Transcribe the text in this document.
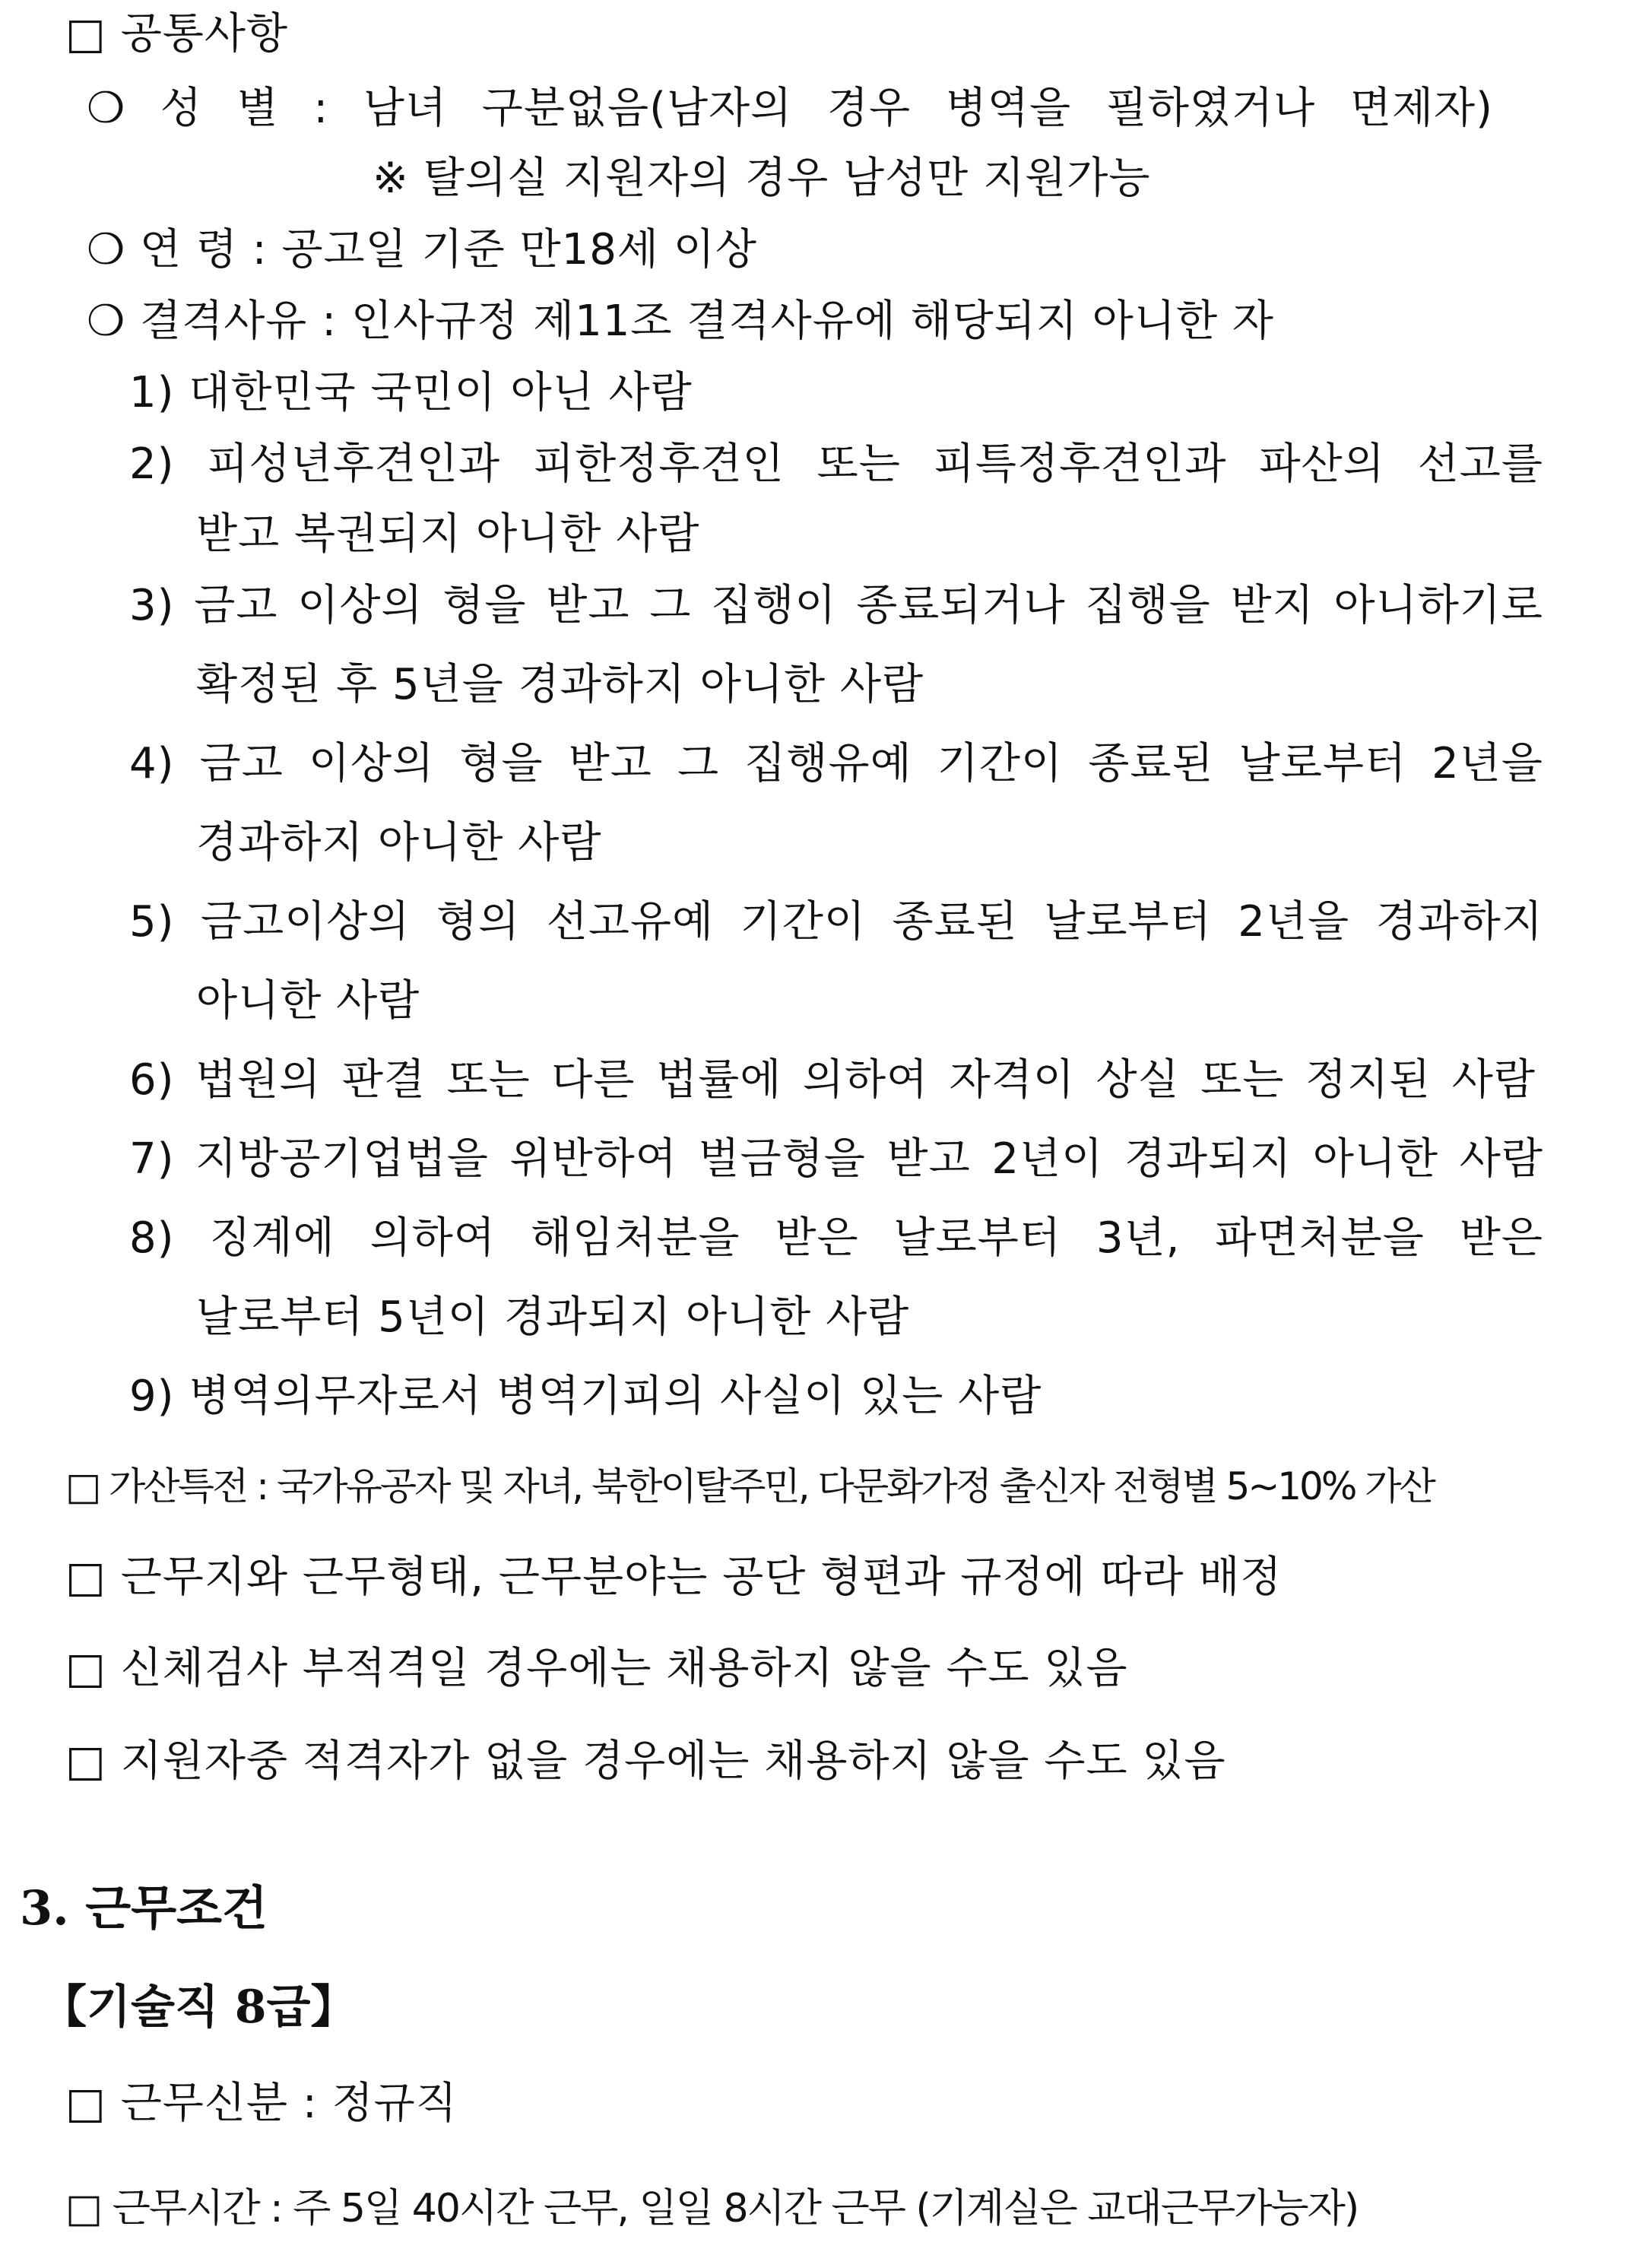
□ 공통사항
❍ 성 별 : 남녀 구분없음(남자의 경우 병역을 필하였거나 면제자)
※ 탈의실 지원자의 경우 남성만 지원가능
❍ 연 령 : 공고일 기준 만18세 이상
❍ 결격사유 : 인사규정 제11조 결격사유에 해당되지 아니한 자
1) 대한민국 국민이 아닌 사람
2) 피성년후견인과 피한정후견인 또는 피특정후견인과 파산의 선고를
받고 복권되지 아니한 사람
3) 금고 이상의 형을 받고 그 집행이 종료되거나 집행을 받지 아니하기로
확정된 후 5년을 경과하지 아니한 사람
4) 금고 이상의 형을 받고 그 집행유예 기간이 종료된 날로부터 2년을
경과하지 아니한 사람
5) 금고이상의 형의 선고유예 기간이 종료된 날로부터 2년을 경과하지
아니한 사람
6) 법원의 판결 또는 다른 법률에 의하여 자격이 상실 또는 정지된 사람
7) 지방공기업법을 위반하여 벌금형을 받고 2년이 경과되지 아니한 사람
8) 징계에 의하여 해임처분을 받은 날로부터 3년, 파면처분을 받은
날로부터 5년이 경과되지 아니한 사람
9) 병역의무자로서 병역기피의 사실이 있는 사람
□ 가산특전 : 국가유공자 및 자녀, 북한이탈주민, 다문화가정 출신자 전형별 5~10% 가산
□ 근무지와 근무형태, 근무분야는 공단 형편과 규정에 따라 배정
□ 신체검사 부적격일 경우에는 채용하지 않을 수도 있음
□ 지원자중 적격자가 없을 경우에는 채용하지 않을 수도 있음
3. 근무조건
【기술직 8급】
□ 근무신분 : 정규직
□ 근무시간 : 주 5일 40시간 근무, 일일 8시간 근무 (기계실은 교대근무가능자)
